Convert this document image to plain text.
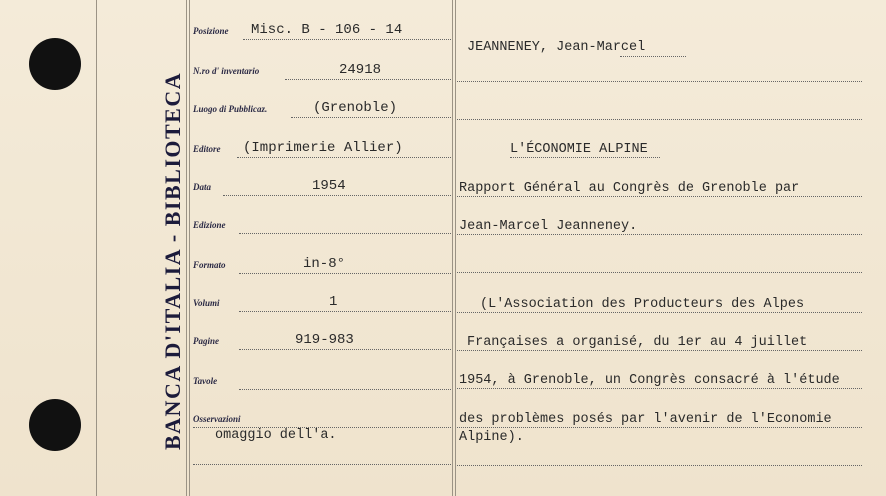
BANCA D'ITALIA - BIBLIOTECA
Posizione Misc. B - 106 - 14
N.ro d' inventario	24918
Luogo di Pubblicaz.	(Grenoble)
Editore (Imprimerie Allier)
Data	1954
Edizione
Formato	in-8°
Volumi	1
Pagine	919-983
Tavole
Osservazioni
omaggio dell'a.
JEANNENEY, Jean-Marcel
L'ÉCONOMIE ALPINE
Rapport Général au Congrès de Grenoble par
Jean-Marcel Jeanneney.
(L'Association des Producteurs des Alpes
Françaises a organisé, du 1er au 4 juillet
1954, à Grenoble, un Congrès consacré à l'étude
des problèmes posés par l'avenir de l'Economie
Alpine).
